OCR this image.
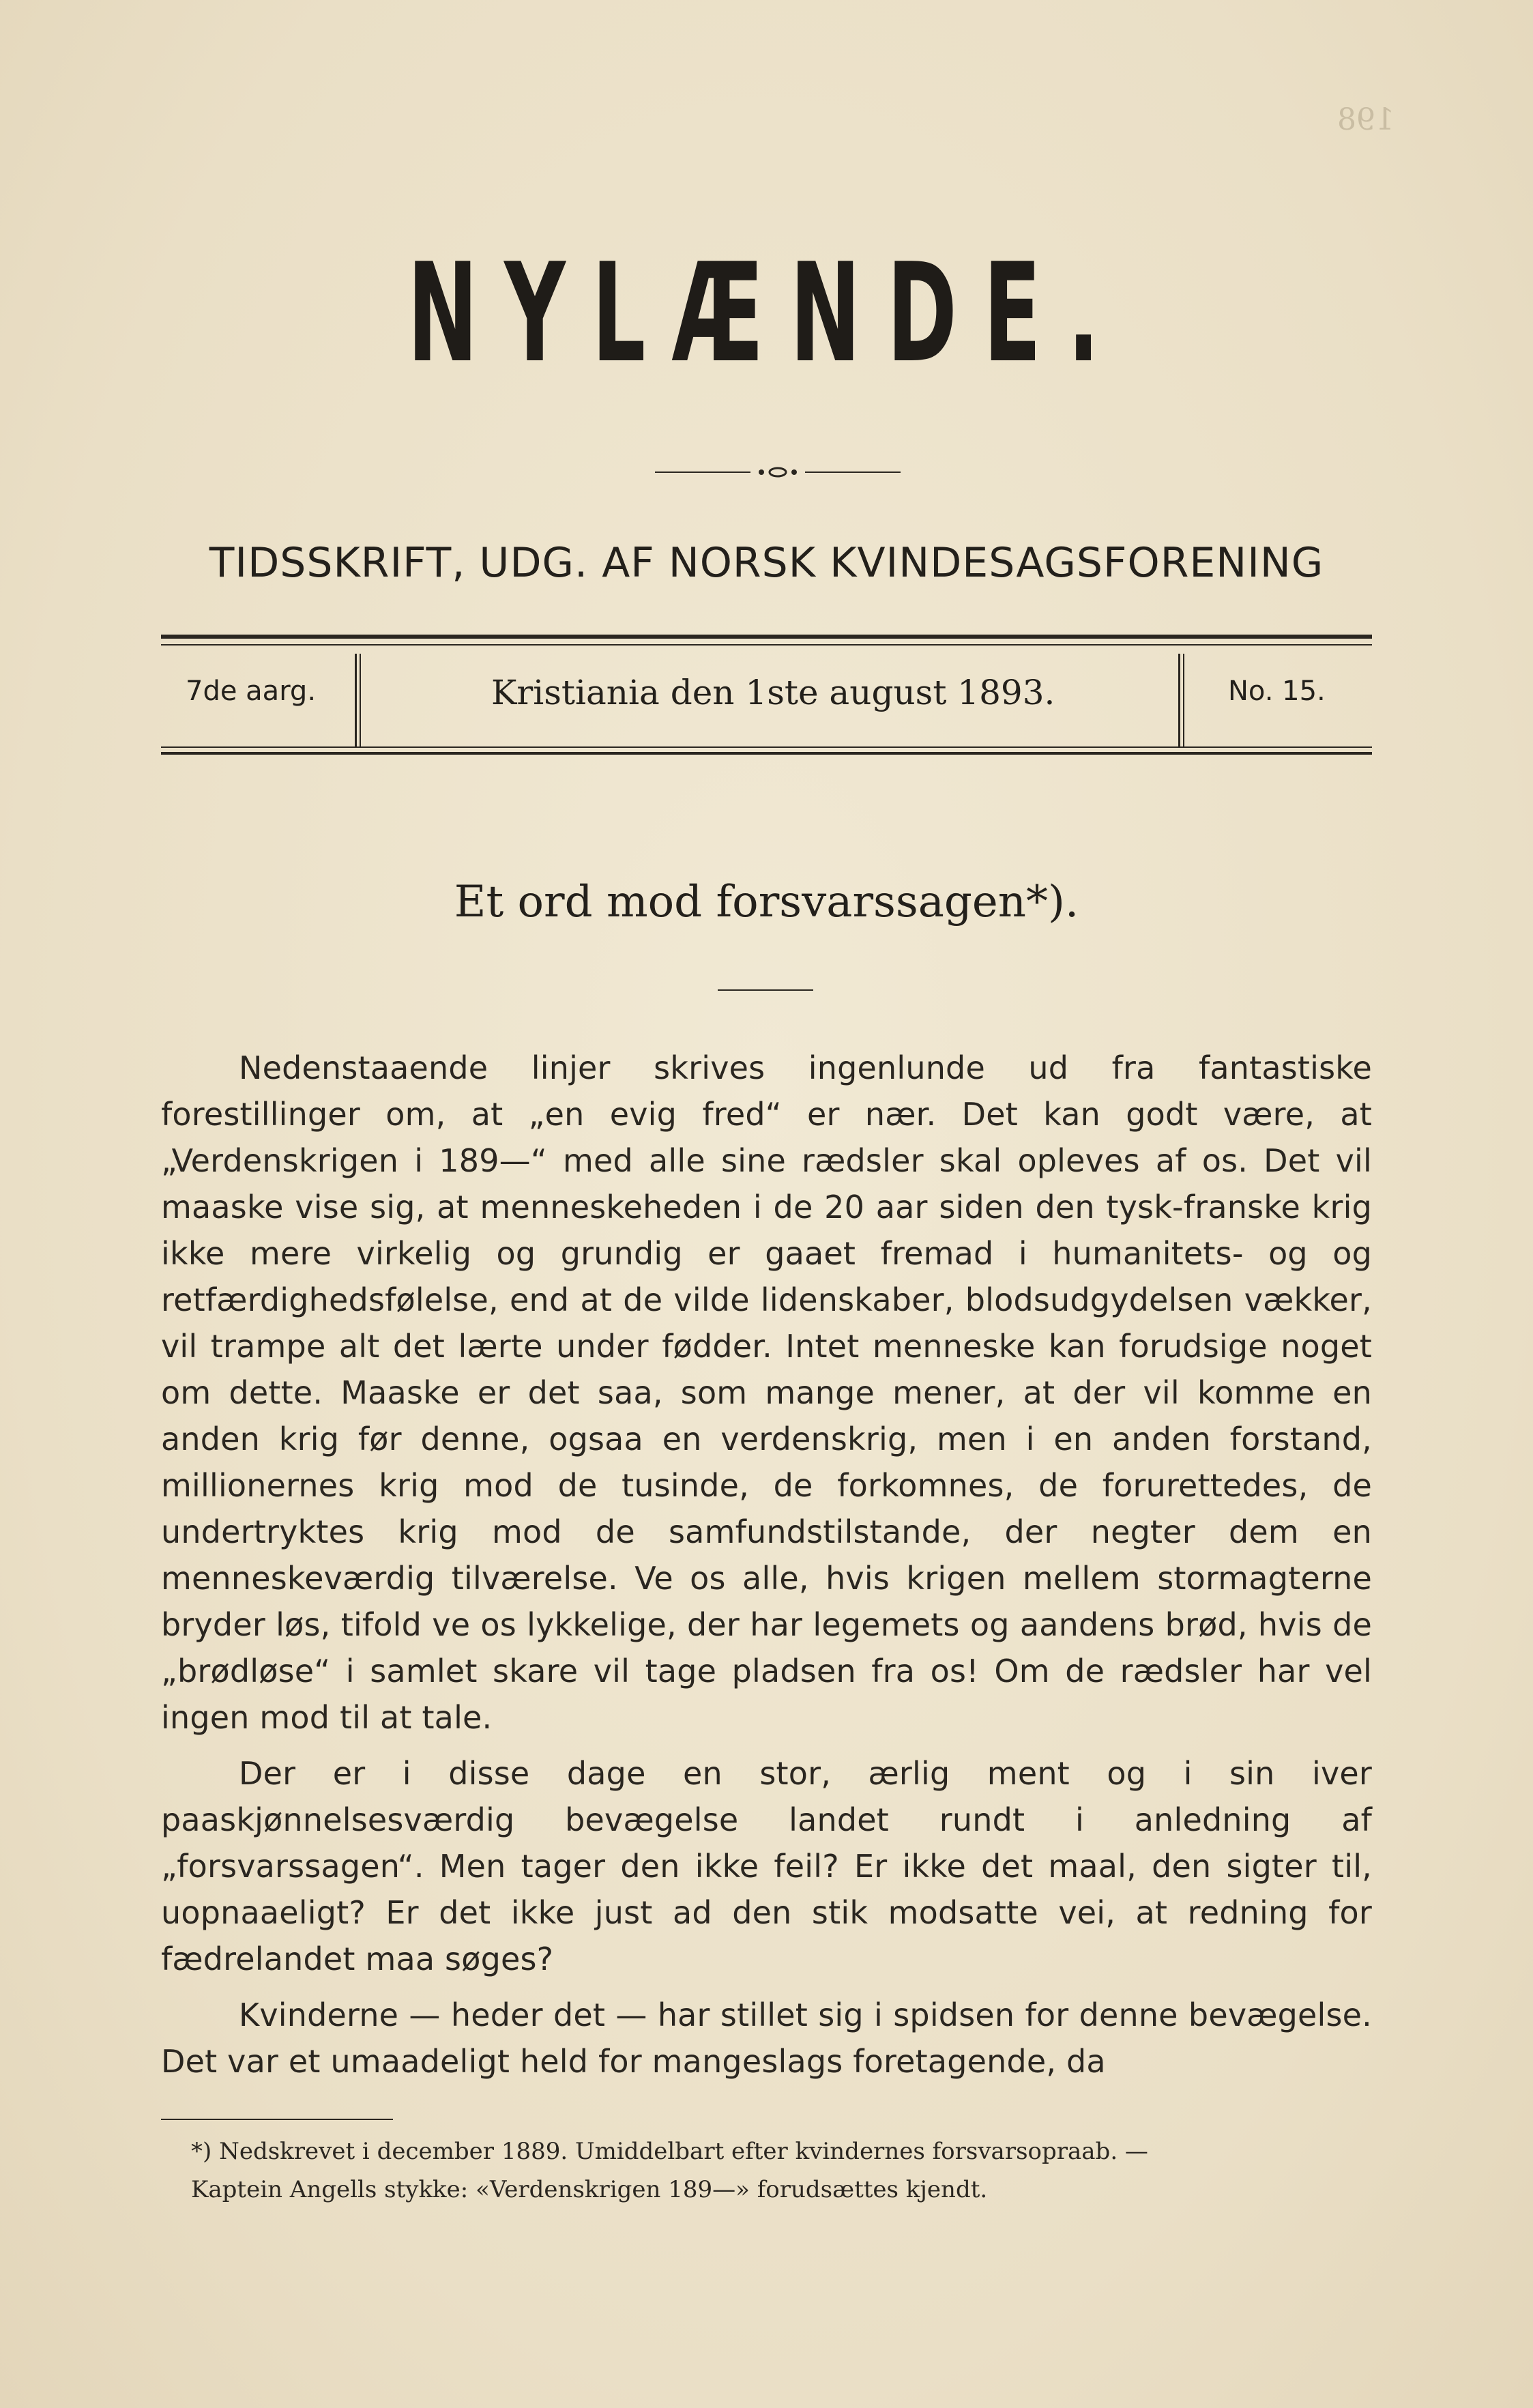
198
NYLÆNDE.
TIDSSKRIFT, UDG. AF NORSK KVINDESAGSFORENING
7de aarg.	Kristiania den 1ste august 1893.	No. 15.
Et ord mod forsvarssagen*).

Nedenstaaende linjer skrives ingenlunde ud fra fantastiske forestillinger om, at „en evig fred“ er nær. Det kan godt være, at „Verdenskrigen i 189—“ med alle sine rædsler skal opleves af os. Det vil maaske vise sig, at menneskeheden i de 20 aar siden den tysk-franske krig ikke mere virkelig og grundig er gaaet fremad i humanitets- og og retfærdighedsfølelse, end at de vilde lidenskaber, blodsudgydelsen vækker, vil trampe alt det lærte under fødder. Intet menneske kan forudsige noget om dette. Maaske er det saa, som mange mener, at der vil komme en anden krig før denne, ogsaa en verdenskrig, men i en anden forstand, millionernes krig mod de tusinde, de forkomnes, de forurettedes, de undertryktes krig mod de samfundstilstande, der negter dem en menneskeværdig tilværelse. Ve os alle, hvis krigen mellem stormagterne bryder løs, tifold ve os lykkelige, der har legemets og aandens brød, hvis de „brødløse“ i samlet skare vil tage pladsen fra os! Om de rædsler har vel ingen mod til at tale.

Der er i disse dage en stor, ærlig ment og i sin iver paaskjønnelsesværdig bevægelse landet rundt i anledning af „forsvarssagen“. Men tager den ikke feil? Er ikke det maal, den sigter til, uopnaaeligt? Er det ikke just ad den stik modsatte vei, at redning for fædrelandet maa søges?

Kvinderne — heder det — har stillet sig i spidsen for denne bevægelse. Det var et umaadeligt held for mangeslags foretagende, da

*) Nedskrevet i december 1889. Umiddelbart efter kvindernes forsvarsopraab. —

Kaptein Angells stykke: «Verdenskrigen 189—» forudsættes kjendt.
